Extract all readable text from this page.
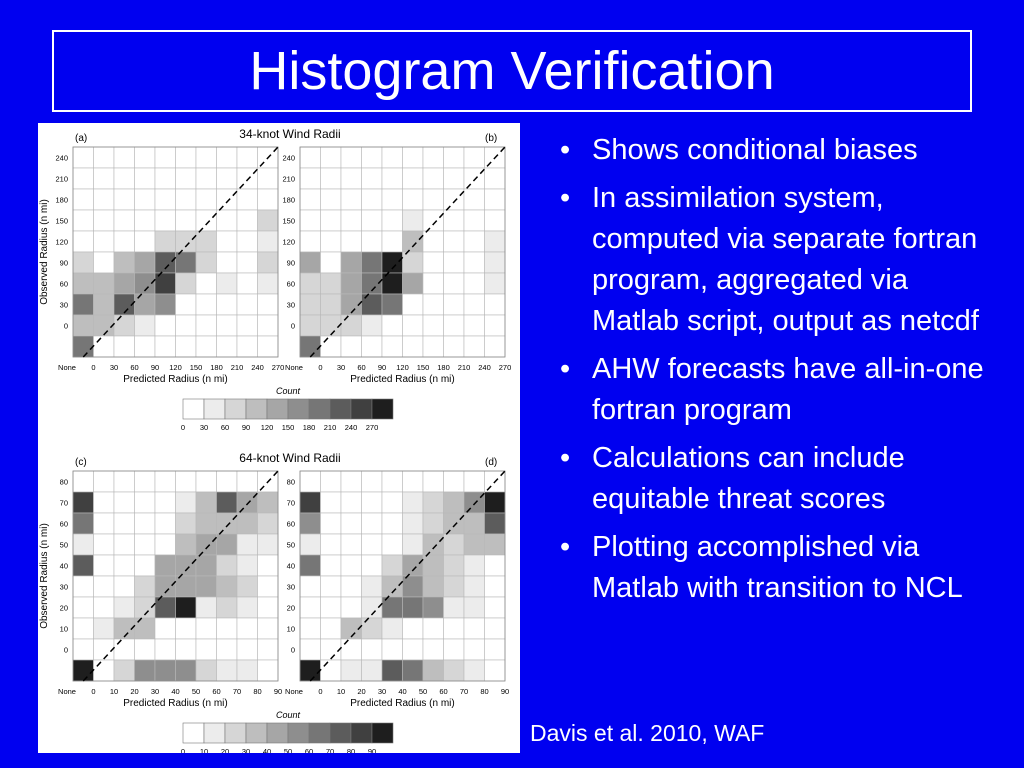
Histogram Verification
(a)	34-knot Wind Radii
None 0 30 60 90 120 150 180 210 240 270
0
30
60
90
120
150
180
210
240
Predicted Radius (n mi)
Observed Radius (n mi)
(b)
None 0 30 60 90 120 150 180 210 240 270
0
30
60
90
120
150
180
210
240
Predicted Radius (n mi)
(c)	64-knot Wind Radii
None 0 10 20 30 40 50 60 70 80 90
0
10
20
30
40
50
60
70
80
Predicted Radius (n mi)
Observed Radius (n mi)
(d)
None 0 10 20 30 40 50 60 70 80 90
0
10
20
30
40
50
60
70
80
Predicted Radius (n mi)
Count
0 30 60 90 120 150 180 210 240 270
Count
0 10 20 30 40 50 60 70 80 90
• Shows conditional biases
• In assimilation system, computed via separate fortran program, aggregated via Matlab script, output as netcdf
• AHW forecasts have all-in-one fortran program
• Calculations can include equitable threat scores
• Plotting accomplished via Matlab with transition to NCL
Davis et al. 2010, WAF
